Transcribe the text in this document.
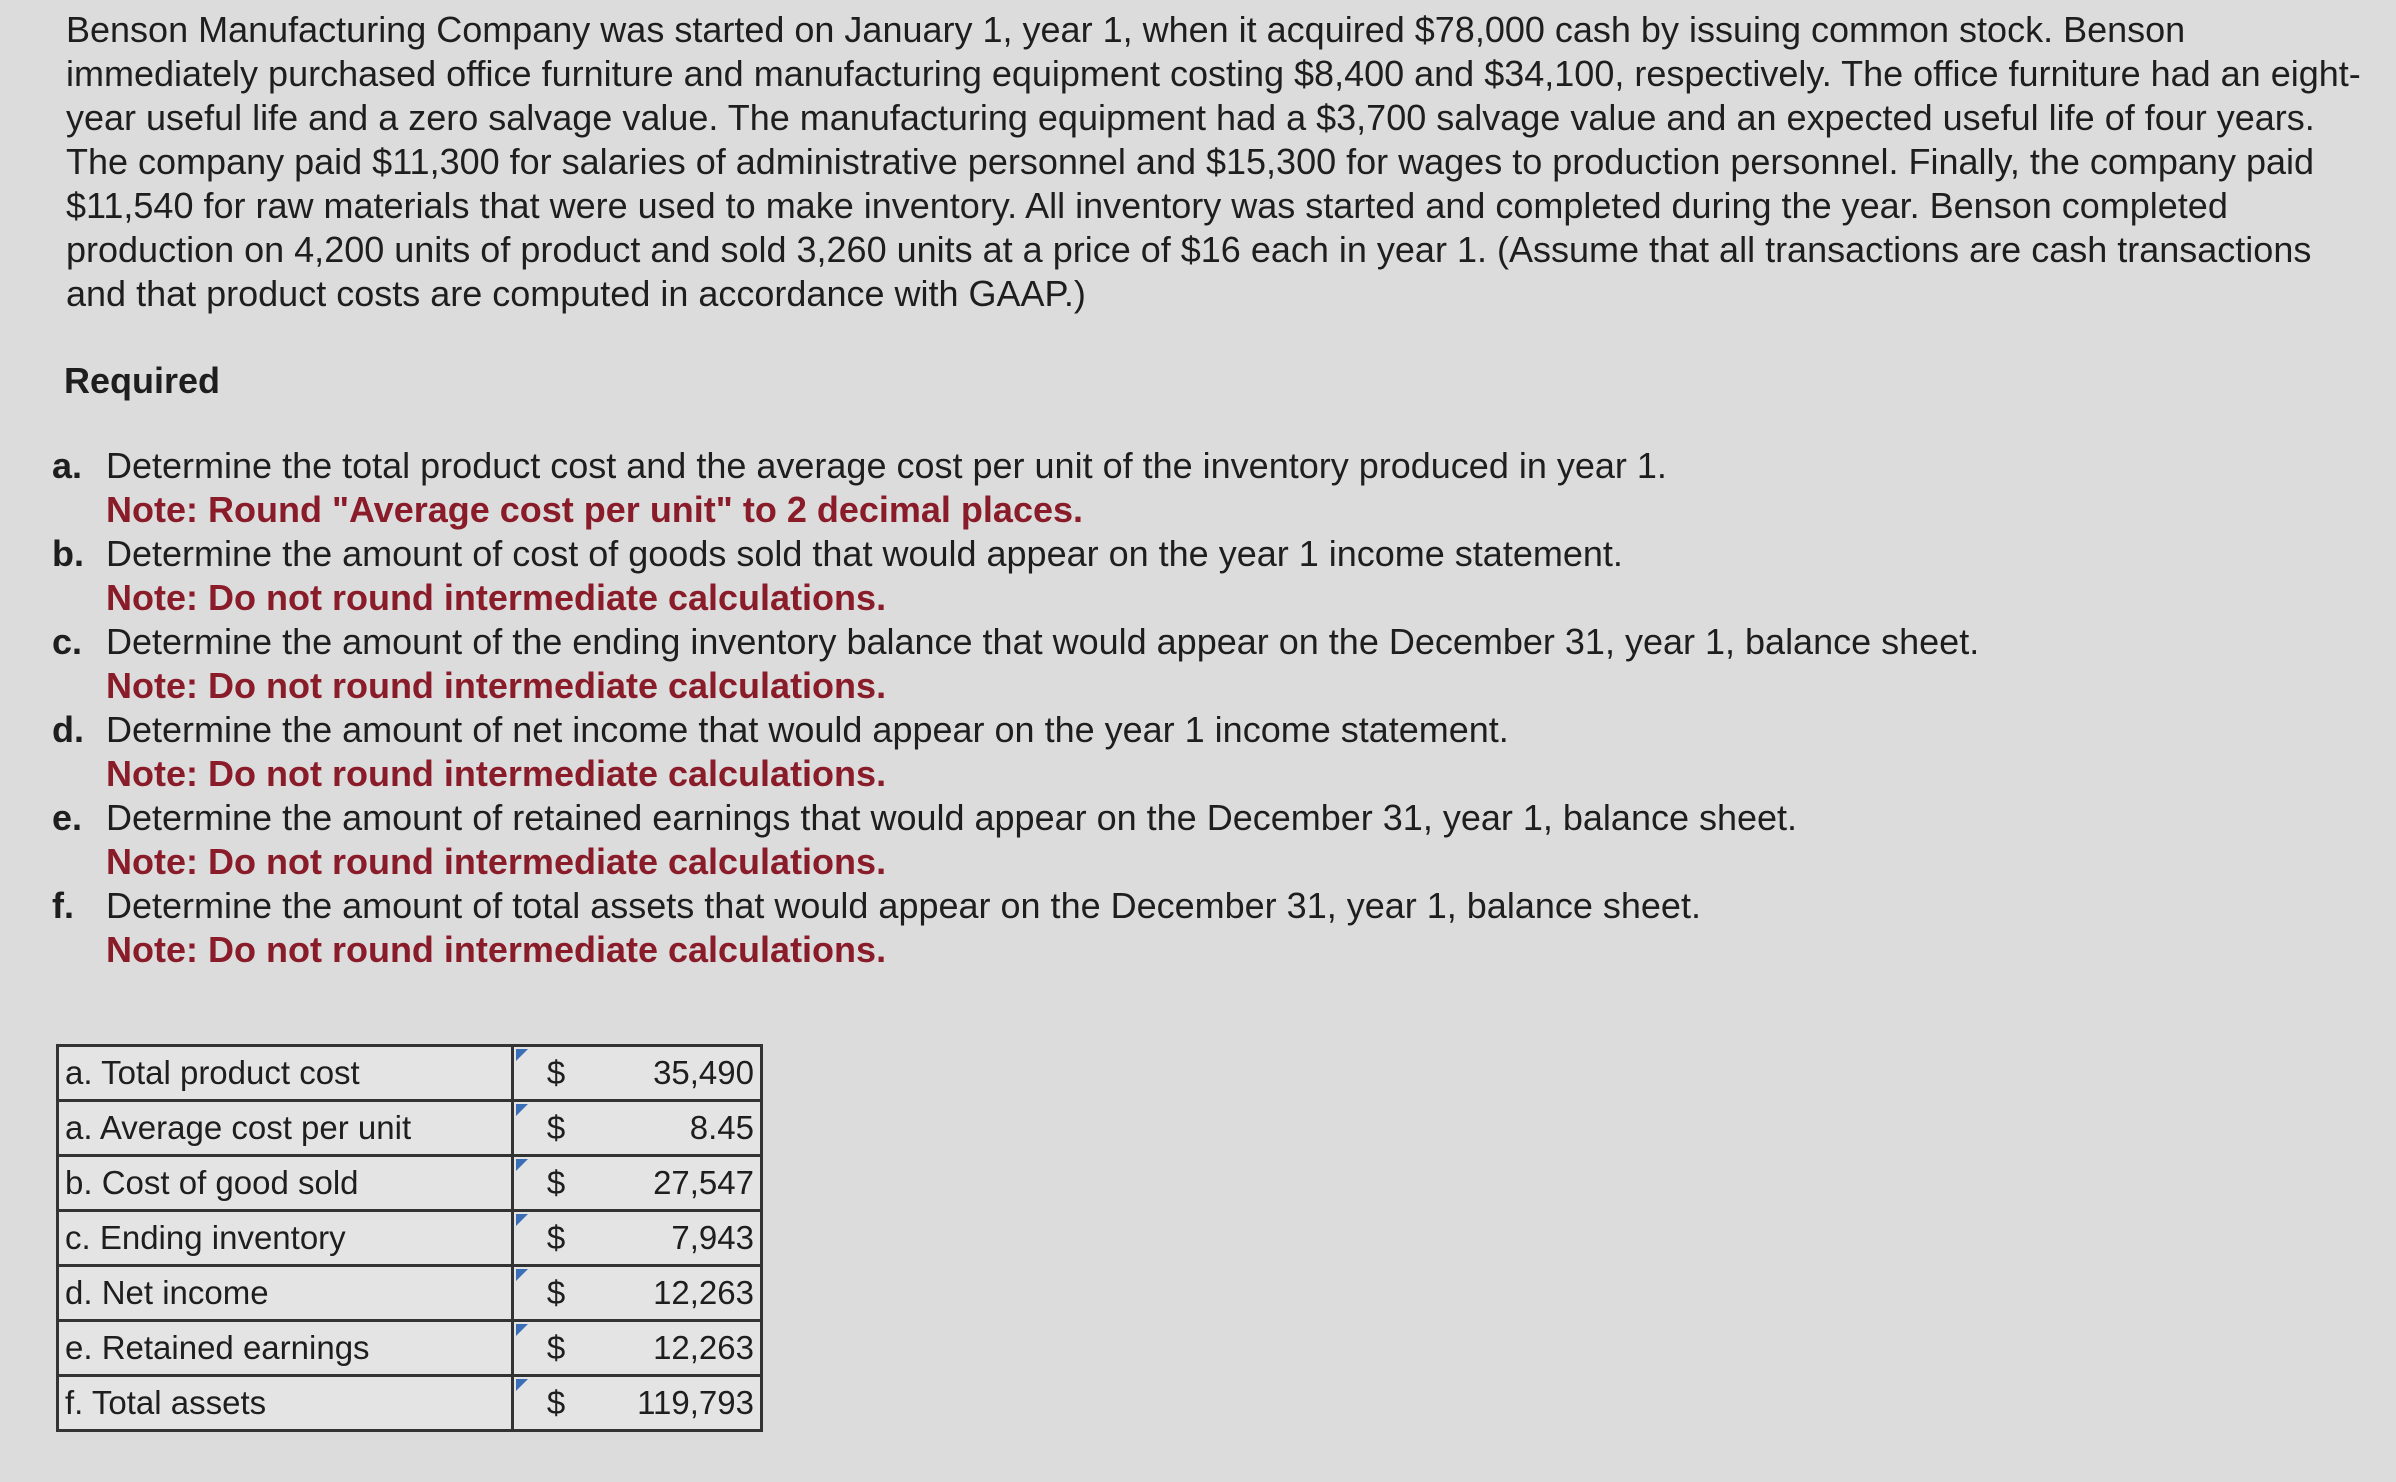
Benson Manufacturing Company was started on January 1, year 1, when it acquired $78,000 cash by issuing common stock. Benson immediately purchased office furniture and manufacturing equipment costing $8,400 and $34,100, respectively. The office furniture had an eight-year useful life and a zero salvage value. The manufacturing equipment had a $3,700 salvage value and an expected useful life of four years. The company paid $11,300 for salaries of administrative personnel and $15,300 for wages to production personnel. Finally, the company paid $11,540 for raw materials that were used to make inventory. All inventory was started and completed during the year. Benson completed production on 4,200 units of product and sold 3,260 units at a price of $16 each in year 1. (Assume that all transactions are cash transactions and that product costs are computed in accordance with GAAP.)

Required

a. Determine the total product cost and the average cost per unit of the inventory produced in year 1.
Note: Round "Average cost per unit" to 2 decimal places.
b. Determine the amount of cost of goods sold that would appear on the year 1 income statement.
Note: Do not round intermediate calculations.
c. Determine the amount of the ending inventory balance that would appear on the December 31, year 1, balance sheet.
Note: Do not round intermediate calculations.
d. Determine the amount of net income that would appear on the year 1 income statement.
Note: Do not round intermediate calculations.
e. Determine the amount of retained earnings that would appear on the December 31, year 1, balance sheet.
Note: Do not round intermediate calculations.
f. Determine the amount of total assets that would appear on the December 31, year 1, balance sheet.
Note: Do not round intermediate calculations.
a. Total product cost	$	35,490
a. Average cost per unit	$	8.45
b. Cost of good sold	$	27,547
c. Ending inventory	$	7,943
d. Net income	$	12,263
e. Retained earnings	$	12,263
f. Total assets	$	119,793
